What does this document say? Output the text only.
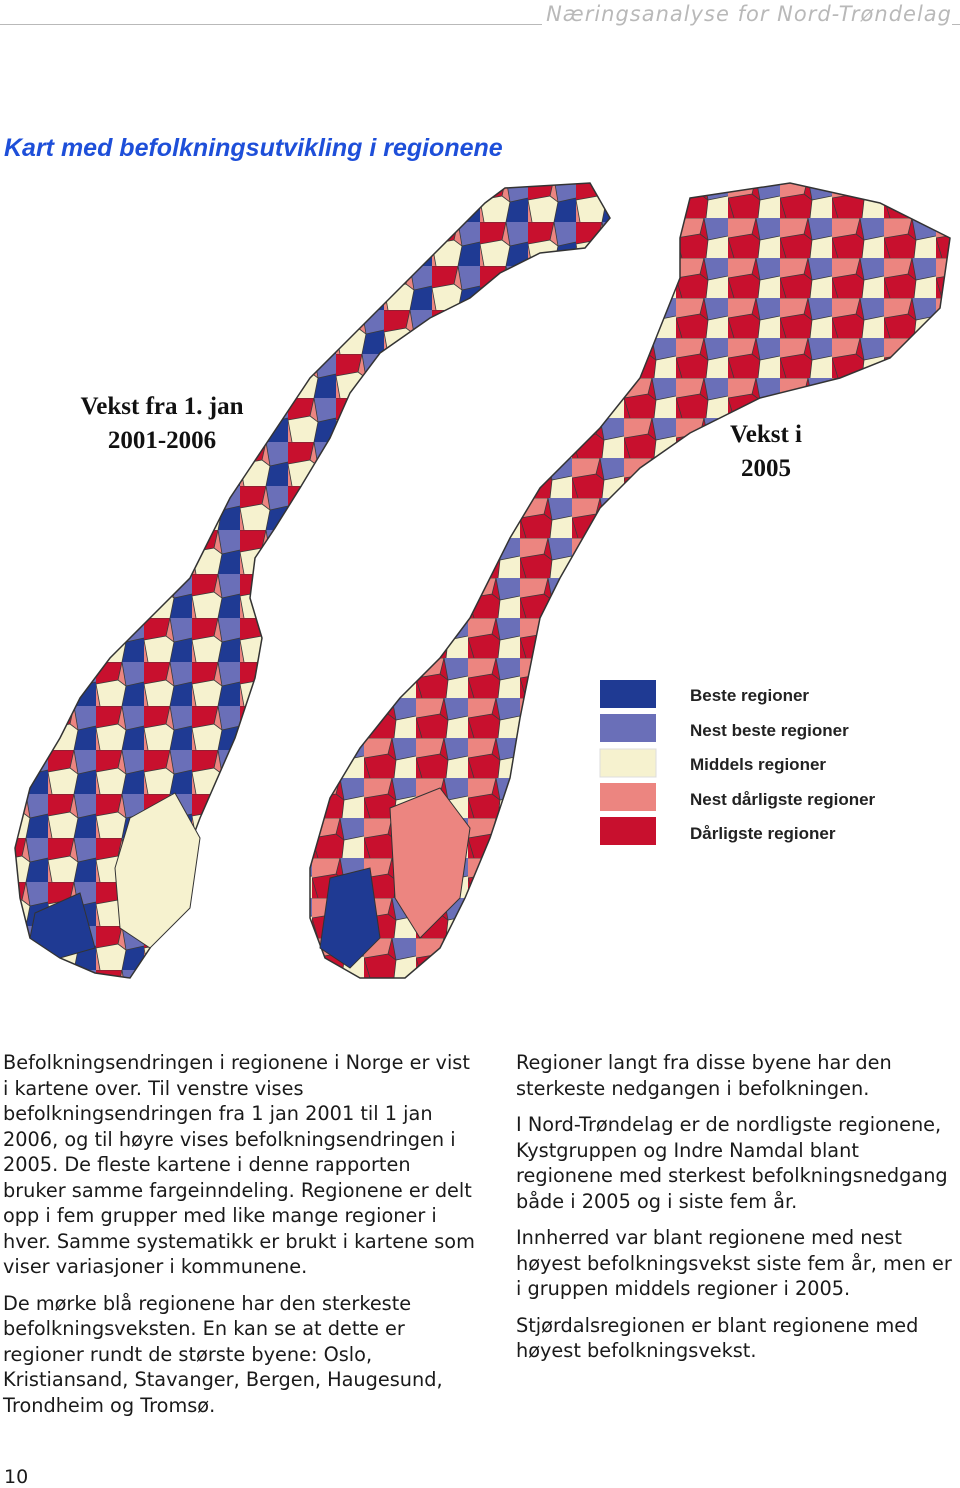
Næringsanalyse for Nord-Trøndelag
Kart med befolkningsutvikling i regionene
Vekst fra 1. jan
2001-2006	Vekst i
2005
Beste regioner
Nest beste regioner
Middels regioner
Nest dårligste regioner
Dårligste regioner

Befolkningsendringen i regionene i Norge er vist i kartene over. Til venstre vises befolkningsendringen fra 1 jan 2001 til 1 jan 2006, og til høyre vises befolkningsendringen i 2005. De fleste kartene i denne rapporten bruker samme fargeinndeling. Regionene er delt opp i fem grupper med like mange regioner i hver. Samme systematikk er brukt i kartene som viser variasjoner i kommunene.

De mørke blå regionene har den sterkeste befolkningsveksten. En kan se at dette er regioner rundt de største byene: Oslo, Kristiansand, Stavanger, Bergen, Haugesund, Trondheim og Tromsø.

Regioner langt fra disse byene har den sterkeste nedgangen i befolkningen.

I Nord-Trøndelag er de nordligste regionene, Kystgruppen og Indre Namdal blant regionene med sterkest befolkningsnedgang både i 2005 og i siste fem år.

Innherred var blant regionene med nest høyest befolkningsvekst siste fem år, men er i gruppen middels regioner i 2005.

Stjørdalsregionen er blant regionene med høyest befolkningsvekst.

10
